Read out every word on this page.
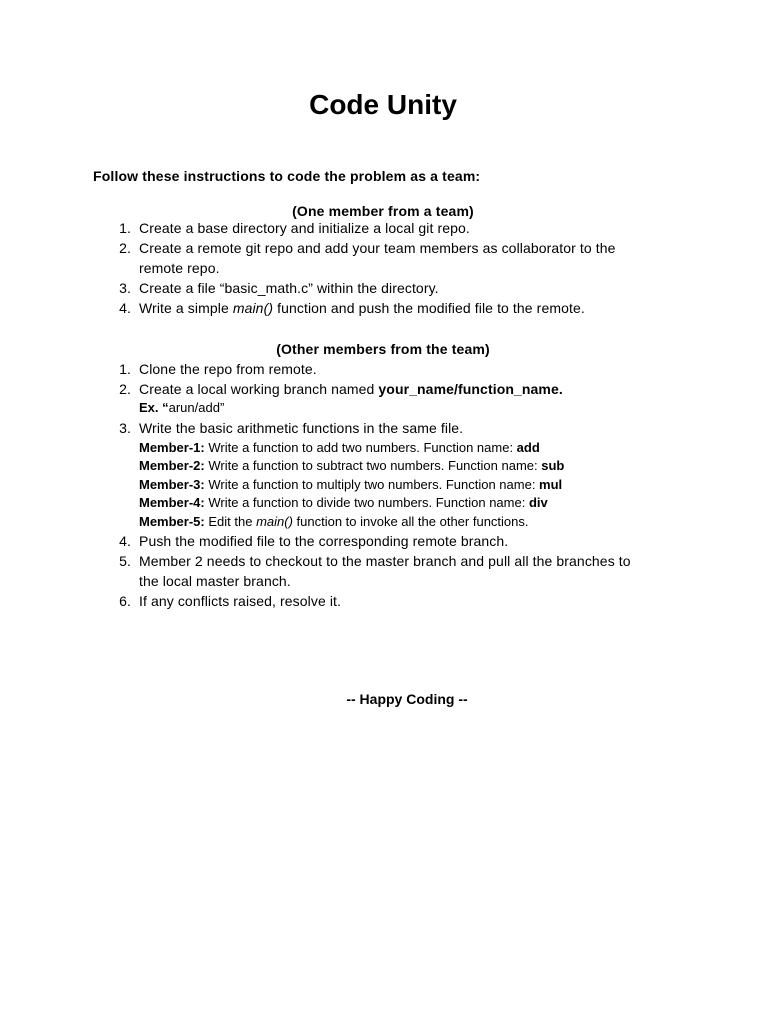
Code Unity
Follow these instructions to code the problem as a team:
(One member from a team)
1. Create a base directory and initialize a local git repo.
2. Create a remote git repo and add your team members as collaborator to the
remote repo.
3. Create a file “basic_math.c” within the directory.
4. Write a simple main() function and push the modified file to the remote.
(Other members from the team)
1. Clone the repo from remote.
2. Create a local working branch named your_name/function_name.
Ex. “arun/add”
3. Write the basic arithmetic functions in the same file.
Member-1: Write a function to add two numbers. Function name: add
Member-2: Write a function to subtract two numbers. Function name: sub
Member-3: Write a function to multiply two numbers. Function name: mul
Member-4: Write a function to divide two numbers. Function name: div
Member-5: Edit the main() function to invoke all the other functions.
4. Push the modified file to the corresponding remote branch.
5. Member 2 needs to checkout to the master branch and pull all the branches to
the local master branch.
6. If any conflicts raised, resolve it.
-- Happy Coding --
